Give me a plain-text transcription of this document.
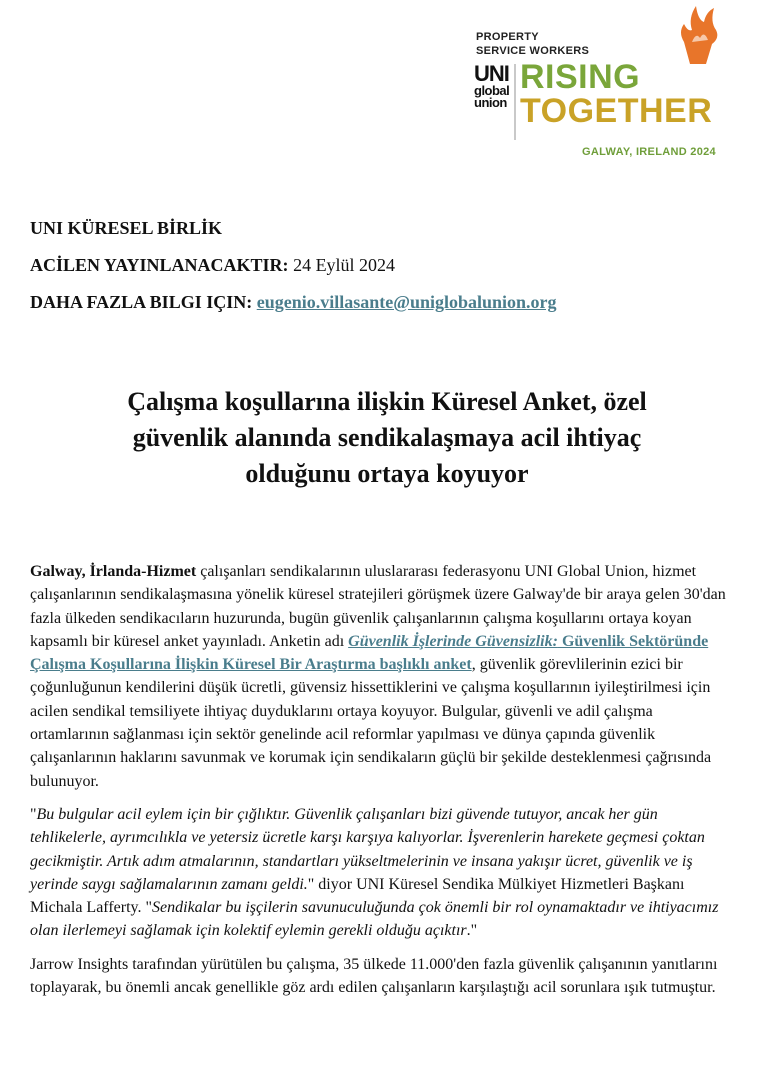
PROPERTY
SERVICE WORKERS
UNI
global
union
RISING
TOGETHER
GALWAY, IRELAND 2024
UNI KÜRESEL BİRLİK
ACİLEN YAYINLANACAKTIR: 24 Eylül 2024
DAHA FAZLA BILGI IÇIN: eugenio.villasante@uniglobalunion.org
Çalışma koşullarına ilişkin Küresel Anket, özel
güvenlik alanında sendikalaşmaya acil ihtiyaç
olduğunu ortaya koyuyor

Galway, İrlanda-Hizmet çalışanları sendikalarının uluslararası federasyonu UNI Global Union, hizmet çalışanlarının sendikalaşmasına yönelik küresel stratejileri görüşmek üzere Galway'de bir araya gelen 30'dan fazla ülkeden sendikacıların huzurunda, bugün güvenlik çalışanlarının çalışma koşullarını ortaya koyan kapsamlı bir küresel anket yayınladı. Anketin adı Güvenlik İşlerinde Güvensizlik: Güvenlik Sektöründe Çalışma Koşullarına İlişkin Küresel Bir Araştırma başlıklı anket, güvenlik görevlilerinin ezici bir çoğunluğunun kendilerini düşük ücretli, güvensiz hissettiklerini ve çalışma koşullarının iyileştirilmesi için acilen sendikal temsiliyete ihtiyaç duyduklarını ortaya koyuyor. Bulgular, güvenli ve adil çalışma ortamlarının sağlanması için sektör genelinde acil reformlar yapılması ve dünya çapında güvenlik çalışanlarının haklarını savunmak ve korumak için sendikaların güçlü bir şekilde desteklenmesi çağrısında bulunuyor.

"Bu bulgular acil eylem için bir çığlıktır. Güvenlik çalışanları bizi güvende tutuyor, ancak her gün tehlikelerle, ayrımcılıkla ve yetersiz ücretle karşı karşıya kalıyorlar. İşverenlerin harekete geçmesi çoktan gecikmiştir. Artık adım atmalarının, standartları yükseltmelerinin ve insana yakışır ücret, güvenlik ve iş yerinde saygı sağlamalarının zamanı geldi." diyor UNI Küresel Sendika Mülkiyet Hizmetleri Başkanı Michala Lafferty. "Sendikalar bu işçilerin savunuculuğunda çok önemli bir rol oynamaktadır ve ihtiyacımız olan ilerlemeyi sağlamak için kolektif eylemin gerekli olduğu açıktır."

Jarrow Insights tarafından yürütülen bu çalışma, 35 ülkede 11.000'den fazla güvenlik çalışanının yanıtlarını toplayarak, bu önemli ancak genellikle göz ardı edilen çalışanların karşılaştığı acil sorunlara ışık tutmuştur.
